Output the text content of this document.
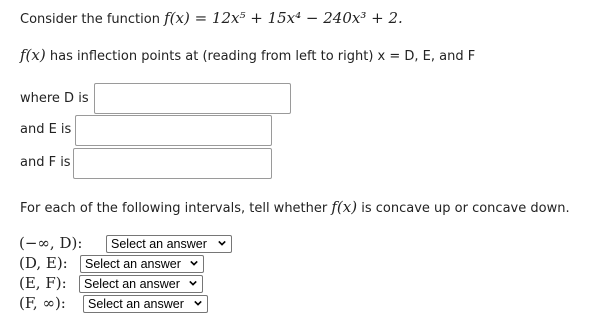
Consider the function f(x) = 12x⁵ + 15x⁴ − 240x³ + 2.
f(x) has inflection points at (reading from left to right) x = D, E, and F
where D is
and E is
and F is
For each of the following intervals, tell whether f(x) is concave up or concave down.
(−∞, D):	Select an answer
(D, E):	Select an answer
(E, F):	Select an answer
(F, ∞):	Select an answer
